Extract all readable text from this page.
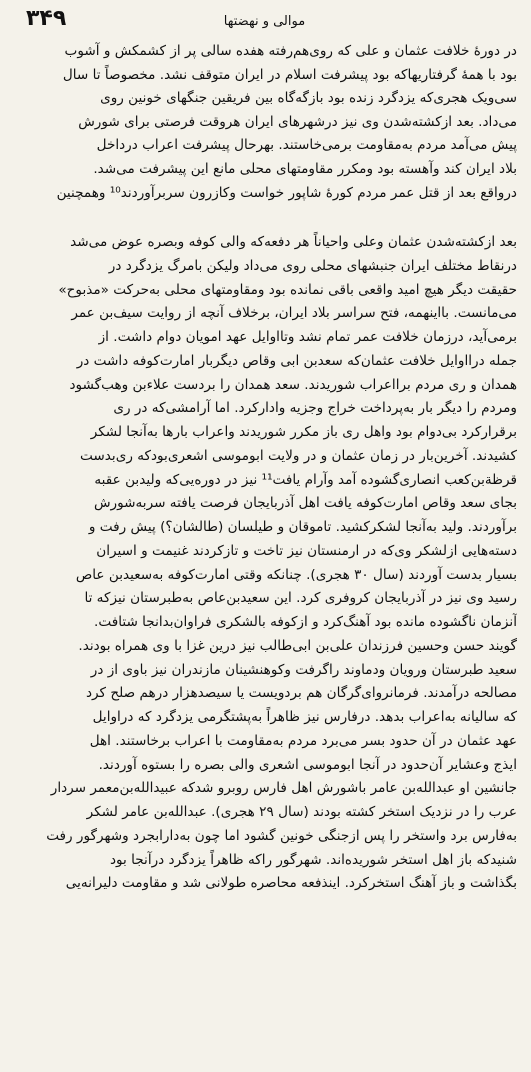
۳۴۹	موالی و نهضتها
در دورهٔ خلافت عثمان و علی که روی‌هم‌رفته هفده سالی پر از کشمکش و آشوب
بود با همهٔ گرفتاریهاکه بود پیشرفت اسلام در ایران متوقف نشد. مخصوصاً تا سال
سی‌ویک هجری‌که یزدگرد زنده بود بازگه‌گاه بین فریقین جنگهای خونین روی
می‌داد. بعد ازکشته‌شدن وی نیز درشهرهای ایران هروقت فرصتی برای شورش
پیش می‌آمد مردم به‌مقاومت برمی‌خاستند. بهرحال پیشرفت اعراب درداخل
بلاد ایران کند وآهسته بود ومکرر مقاومتهای محلی مانع این پیشرفت می‌شد.
درواقع بعد از قتل عمر مردم کورهٔ شاپور خواست وکازرون سربرآوردند¹⁰ وهمچنین
بعد ازکشته‌شدن عثمان وعلی واحیاناً هر دفعه‌که والی کوفه وبصره عوض می‌شد
درنقاط مختلف ایران جنبشهای محلی روی می‌داد ولیکن بامرگ یزدگرد در
حقیقت دیگر هیچ امید واقعی باقی نمانده بود ومقاومتهای محلی به‌حرکت «مذبوح»
می‌مانست. بااینهمه، فتح سراسر بلاد ایران، برخلاف آنچه از روایت سیف‌بن عمر
برمی‌آید، درزمان خلافت عمر تمام نشد وتااوایل عهد امویان دوام داشت. از
جمله درااوایل خلافت عثمان‌که سعدبن ابی وقاص دیگربار امارت‌کوفه داشت در
همدان و ری مردم برااعراب شوریدند. سعد همدان را بردست علاءبن وهب‌گشود
ومردم را دیگر بار به‌پرداخت خراج وجزیه وادارکرد. اما آرامشی‌که در ری
برقرارکرد بی‌دوام بود واهل ری باز مکرر شوریدند واعراب بارها به‌آنجا لشکر
کشیدند. آخرین‌بار در زمان عثمان و در ولایت ابوموسی اشعری‌بودکه ری‌بدست
قرظةبن‌کعب انصاری‌گشوده آمد وآرام یافت¹¹ نیز در دوره‌یی‌که ولیدبن عقبه
بجای سعد وقاص امارت‌کوفه یافت اهل آذربایجان فرصت یافته سربه‌شورش
برآوردند. ولید به‌آنجا لشکرکشید. تاموقان و طیلسان (طالشان؟) پیش رفت و
دسته‌هایی ازلشکر وی‌که در ارمنستان نیز تاخت و تازکردند غنیمت و اسیران
بسیار بدست آوردند (سال ۳۰ هجری). چنانکه وقتی امارت‌کوفه به‌سعیدبن عاص
رسید وی نیز در آذربایجان کروفری کرد. این سعیدبن‌عاص به‌طبرستان نیزکه تا
آنزمان ناگشوده مانده بود آهنگ‌کرد و ازکوفه بالشکری فراوان‌بدانجا شتافت.
گویند حسن وحسین فرزندان علی‌بن ابی‌طالب نیز درین غزا با وی همراه بودند.
سعید طبرستان ورویان ودماوند راگرفت وکوهنشینان مازندران نیز باوی از در
مصالحه درآمدند. فرمانروای‌گرگان هم بردویست یا سیصدهزار درهم صلح کرد
که سالیانه به‌اعراب بدهد. درفارس نیز ظاهراً به‌پشتگرمی یزدگرد که دراوایل
عهد عثمان در آن حدود بسر می‌برد مردم به‌مقاومت با اعراب برخاستند. اهل
ایذج وعشایر آن‌حدود در آنجا ابوموسی اشعری والی بصره را بستوه آوردند.
جانشین او عبدالله‌بن عامر باشورش اهل فارس روبرو شدکه عبیدالله‌بن‌معمر سردار
عرب را در نزدیک استخر کشته بودند (سال ۲۹ هجری). عبدالله‌بن عامر لشکر
به‌فارس برد واستخر را پس ازجنگی خونین گشود اما چون به‌دارابجرد وشهرگور رفت
شنیدکه باز اهل استخر شوریده‌اند. شهرگور راکه ظاهراً یزدگرد درآنجا بود
بگذاشت و باز آهنگ استخرکرد. اینذفعه محاصره طولانی شد و مقاومت دلیرانه‌یی
